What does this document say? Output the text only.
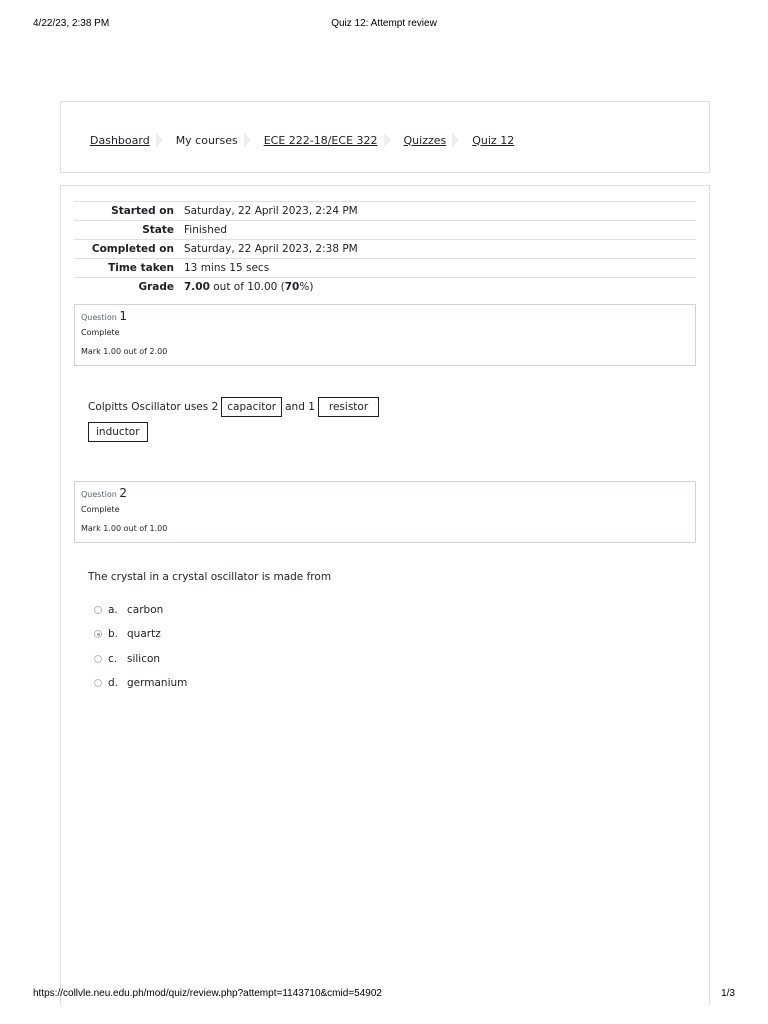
4/22/23, 2:38 PM	Quiz 12: Attempt review
Dashboard My courses ECE 222-18/ECE 322 Quizzes Quiz 12
Started on	Saturday, 22 April 2023, 2:24 PM
State	Finished
Completed on	Saturday, 22 April 2023, 2:38 PM
Time taken	13 mins 15 secs
Grade	7.00 out of 10.00 (70%)
Question 1
Complete
Mark 1.00 out of 2.00
Colpitts Oscillator uses 2 capacitor and 1	resistor
inductor
Question 2
Complete
Mark 1.00 out of 1.00
The crystal in a crystal oscillator is made from
a. carbon
b. quartz
c. silicon
d. germanium
https://collvle.neu.edu.ph/mod/quiz/review.php?attempt=1143710&cmid=54902	1/3
